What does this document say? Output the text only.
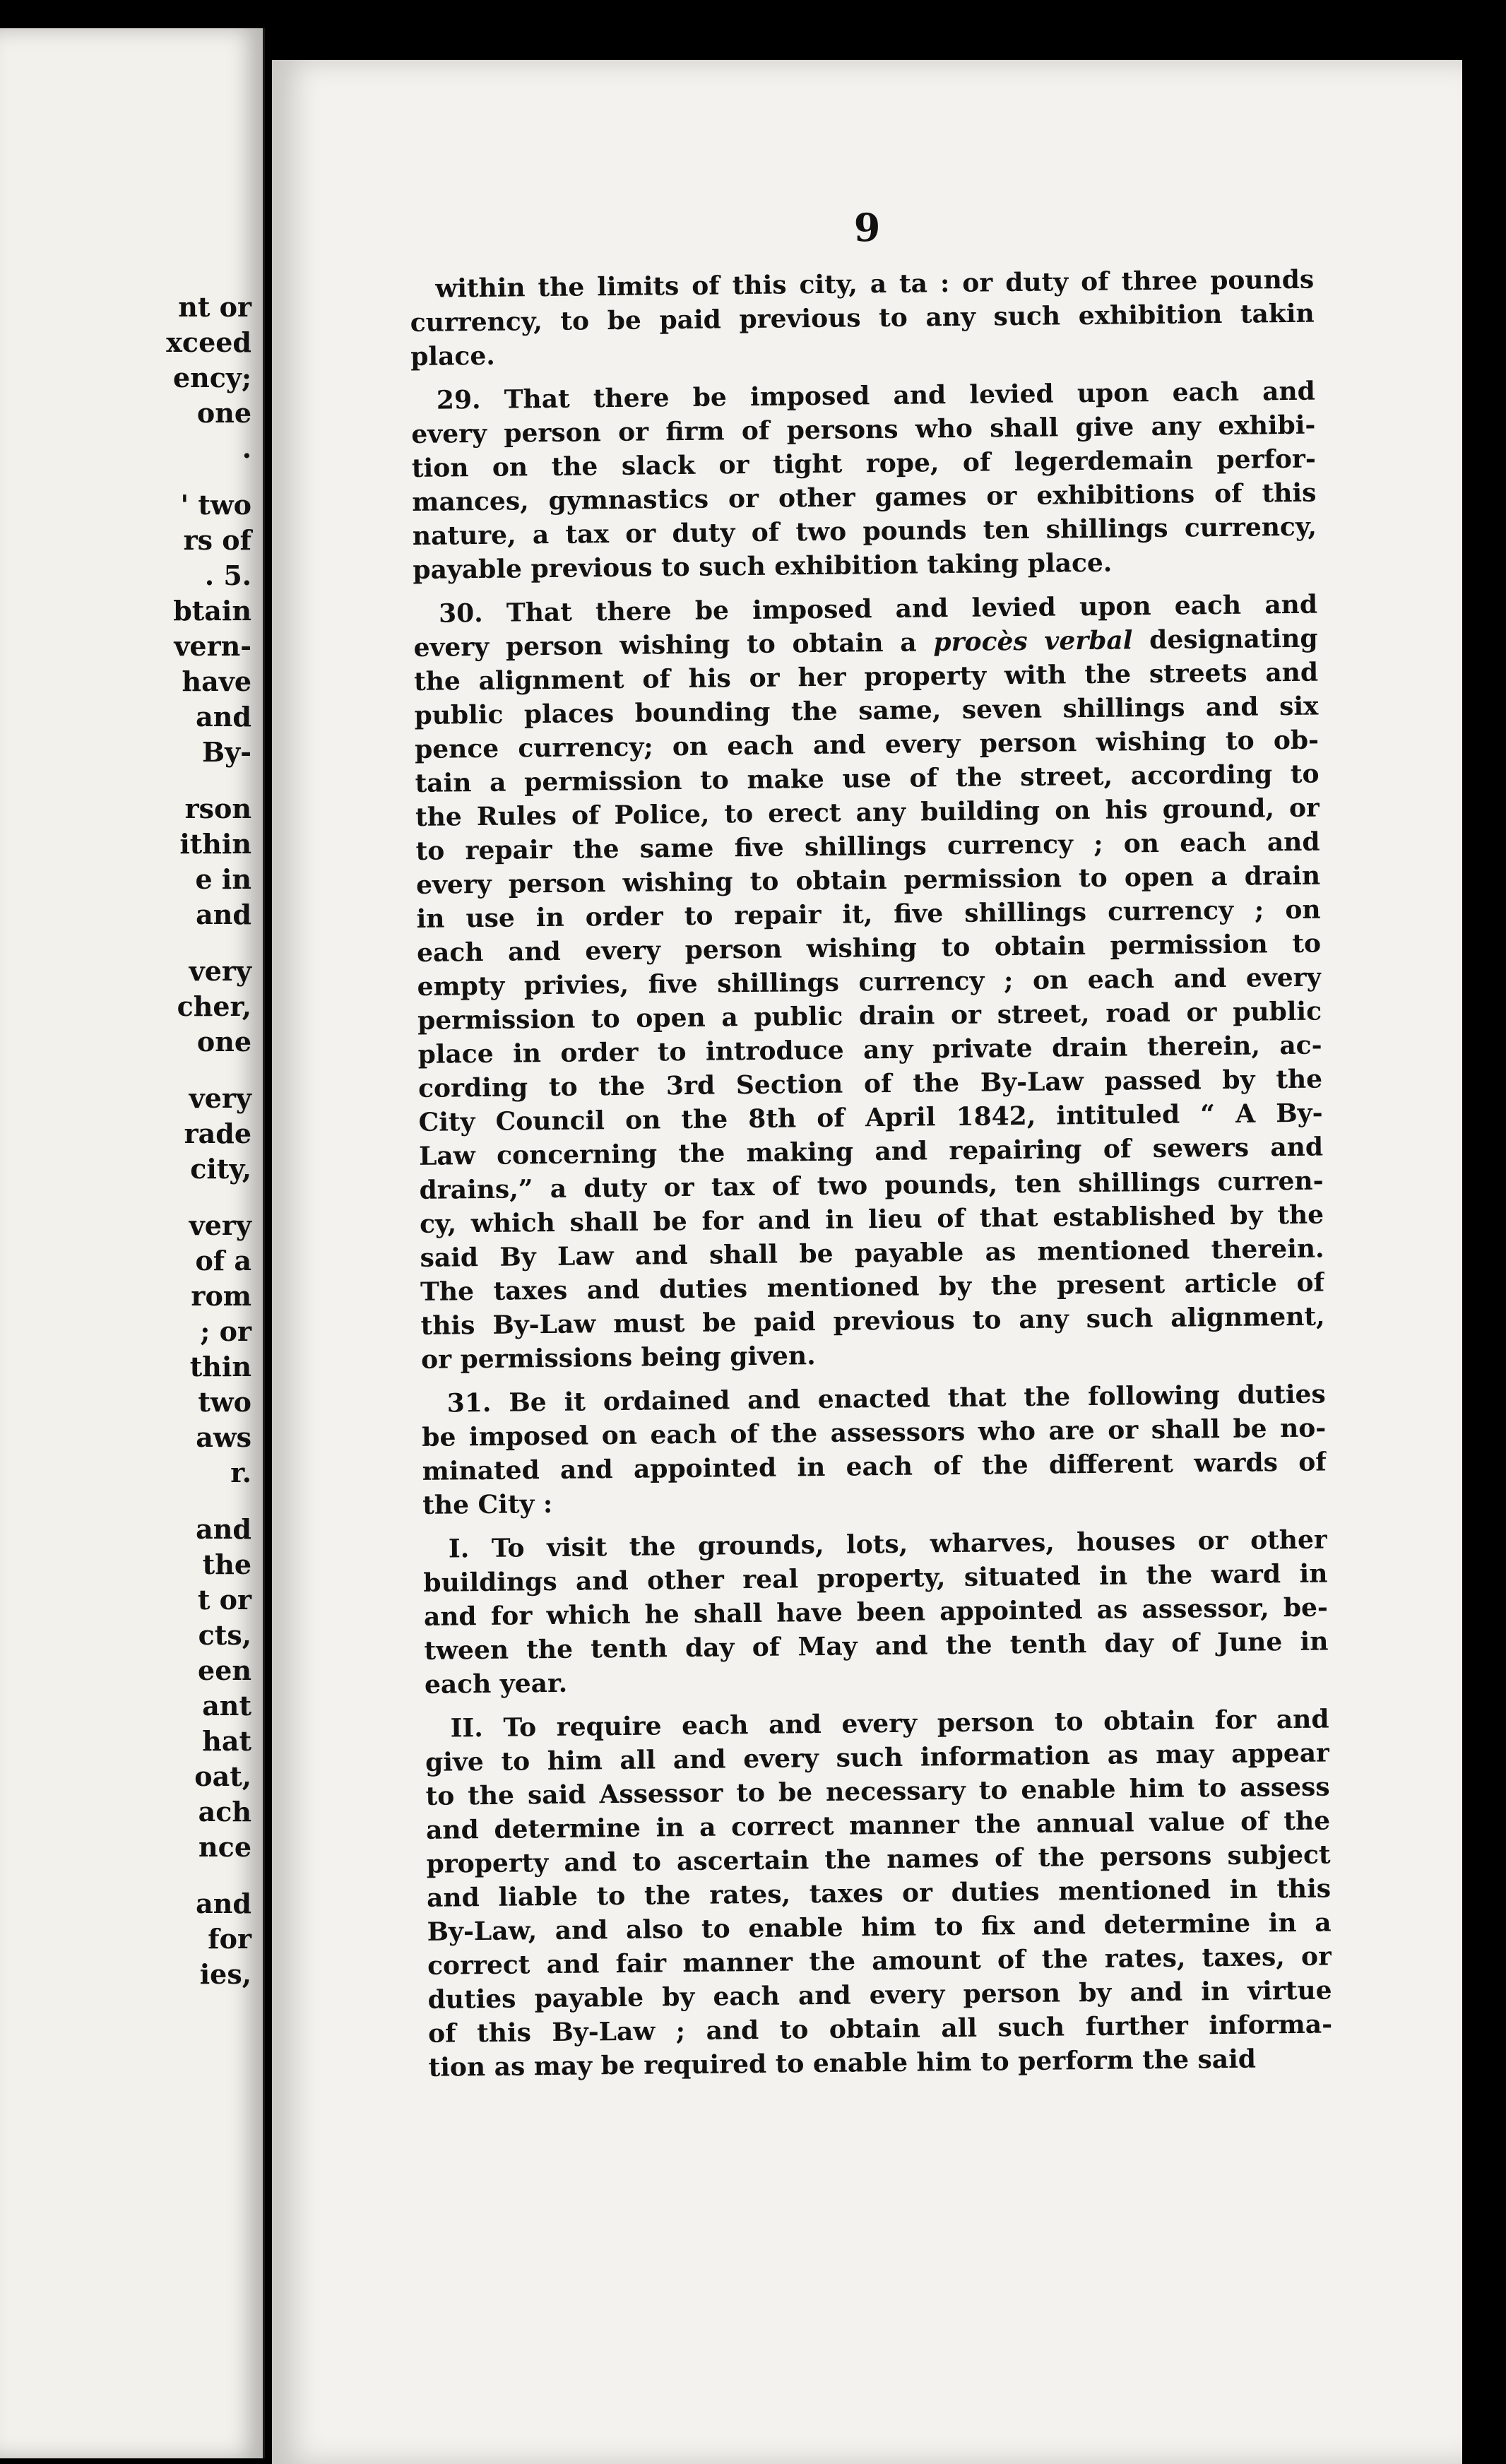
nt or
xceed
ency;
one
.
' two
rs of
. 5.
btain
vern-
have
and
By-
rson
ithin
e in
and
very
cher,
one
very
rade
city,
very
of a
rom
; or
thin
two
aws
r.
and
the
t or
cts,
een
ant
hat
oat,
ach
nce
and
for
ies,
9
within the limits of this city, a ta : or duty of three pounds
currency, to be paid previous to any such exhibition takin
place.
29. That there be imposed and levied upon each and
every person or firm of persons who shall give any exhibi-
tion on the slack or tight rope, of legerdemain perfor-
mances, gymnastics or other games or exhibitions of this
nature, a tax or duty of two pounds ten shillings currency,
payable previous to such exhibition taking place.
30. That there be imposed and levied upon each and
every person wishing to obtain a procès verbal designating
the alignment of his or her property with the streets and
public places bounding the same, seven shillings and six
pence currency; on each and every person wishing to ob-
tain a permission to make use of the street, according to
the Rules of Police, to erect any building on his ground, or
to repair the same five shillings currency ; on each and
every person wishing to obtain permission to open a drain
in use in order to repair it, five shillings currency ; on
each and every person wishing to obtain permission to
empty privies, five shillings currency ; on each and every
permission to open a public drain or street, road or public
place in order to introduce any private drain therein, ac-
cording to the 3rd Section of the By-Law passed by the
City Council on the 8th of April 1842, intituled “ A By-
Law concerning the making and repairing of sewers and
drains,” a duty or tax of two pounds, ten shillings curren-
cy, which shall be for and in lieu of that established by the
said By Law and shall be payable as mentioned therein.
The taxes and duties mentioned by the present article of
this By-Law must be paid previous to any such alignment,
or permissions being given.
31. Be it ordained and enacted that the following duties
be imposed on each of the assessors who are or shall be no-
minated and appointed in each of the different wards of
the City :
I. To visit the grounds, lots, wharves, houses or other
buildings and other real property, situated in the ward in
and for which he shall have been appointed as assessor, be-
tween the tenth day of May and the tenth day of June in
each year.
II. To require each and every person to obtain for and
give to him all and every such information as may appear
to the said Assessor to be necessary to enable him to assess
and determine in a correct manner the annual value of the
property and to ascertain the names of the persons subject
and liable to the rates, taxes or duties mentioned in this
By-Law, and also to enable him to fix and determine in a
correct and fair manner the amount of the rates, taxes, or
duties payable by each and every person by and in virtue
of this By-Law ; and to obtain all such further informa-
tion as may be required to enable him to perform the said
